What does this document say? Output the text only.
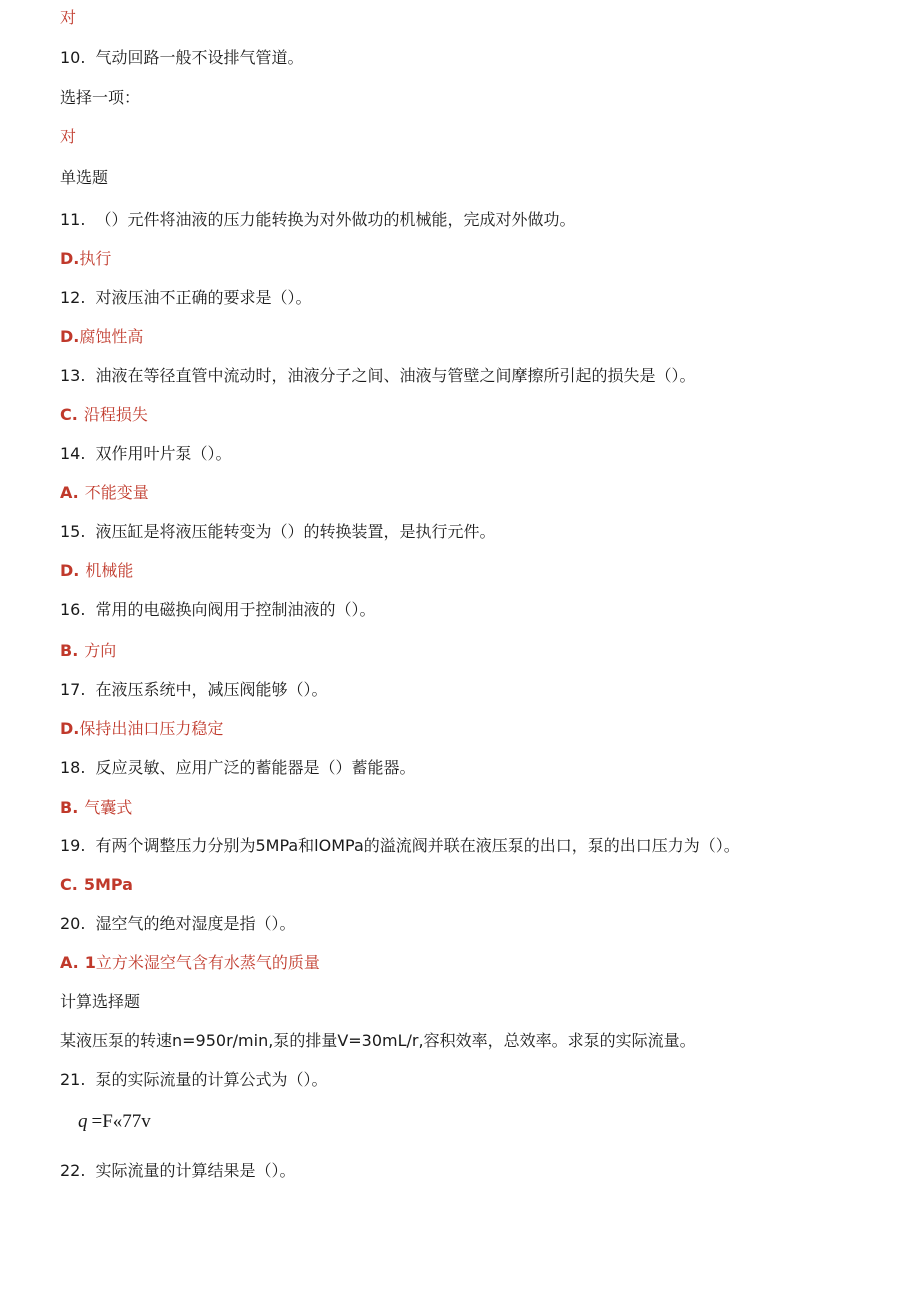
对
10. 气动回路一般不设排气管道。
选择一项：
对
单选题
11. （）元件将油液的压力能转换为对外做功的机械能，完成对外做功。
D.执行
12. 对液压油不正确的要求是（）。
D.腐蚀性高
13. 油液在等径直管中流动时，油液分子之间、油液与管壁之间摩擦所引起的损失是（）。
C. 沿程损失
14. 双作用叶片泵（）。
A. 不能变量
15. 液压缸是将液压能转变为（）的转换装置，是执行元件。
D. 机械能
16. 常用的电磁换向阀用于控制油液的（）。
B. 方向
17. 在液压系统中，减压阀能够（）。
D.保持出油口压力稳定
18. 反应灵敏、应用广泛的蓄能器是（）蓄能器。
B. 气囊式
19. 有两个调整压力分别为5MPa和lOMPa的溢流阀并联在液压泵的出口，泵的出口压力为（）。
C. 5MPa
20. 湿空气的绝对湿度是指（）。
A. 1立方米湿空气含有水蒸气的质量
计算选择题
某液压泵的转速n=950r/min,泵的排量V=30mL/r,容积效率，总效率。求泵的实际流量。
21. 泵的实际流量的计算公式为（）。
q =F«77v
22. 实际流量的计算结果是（）。
